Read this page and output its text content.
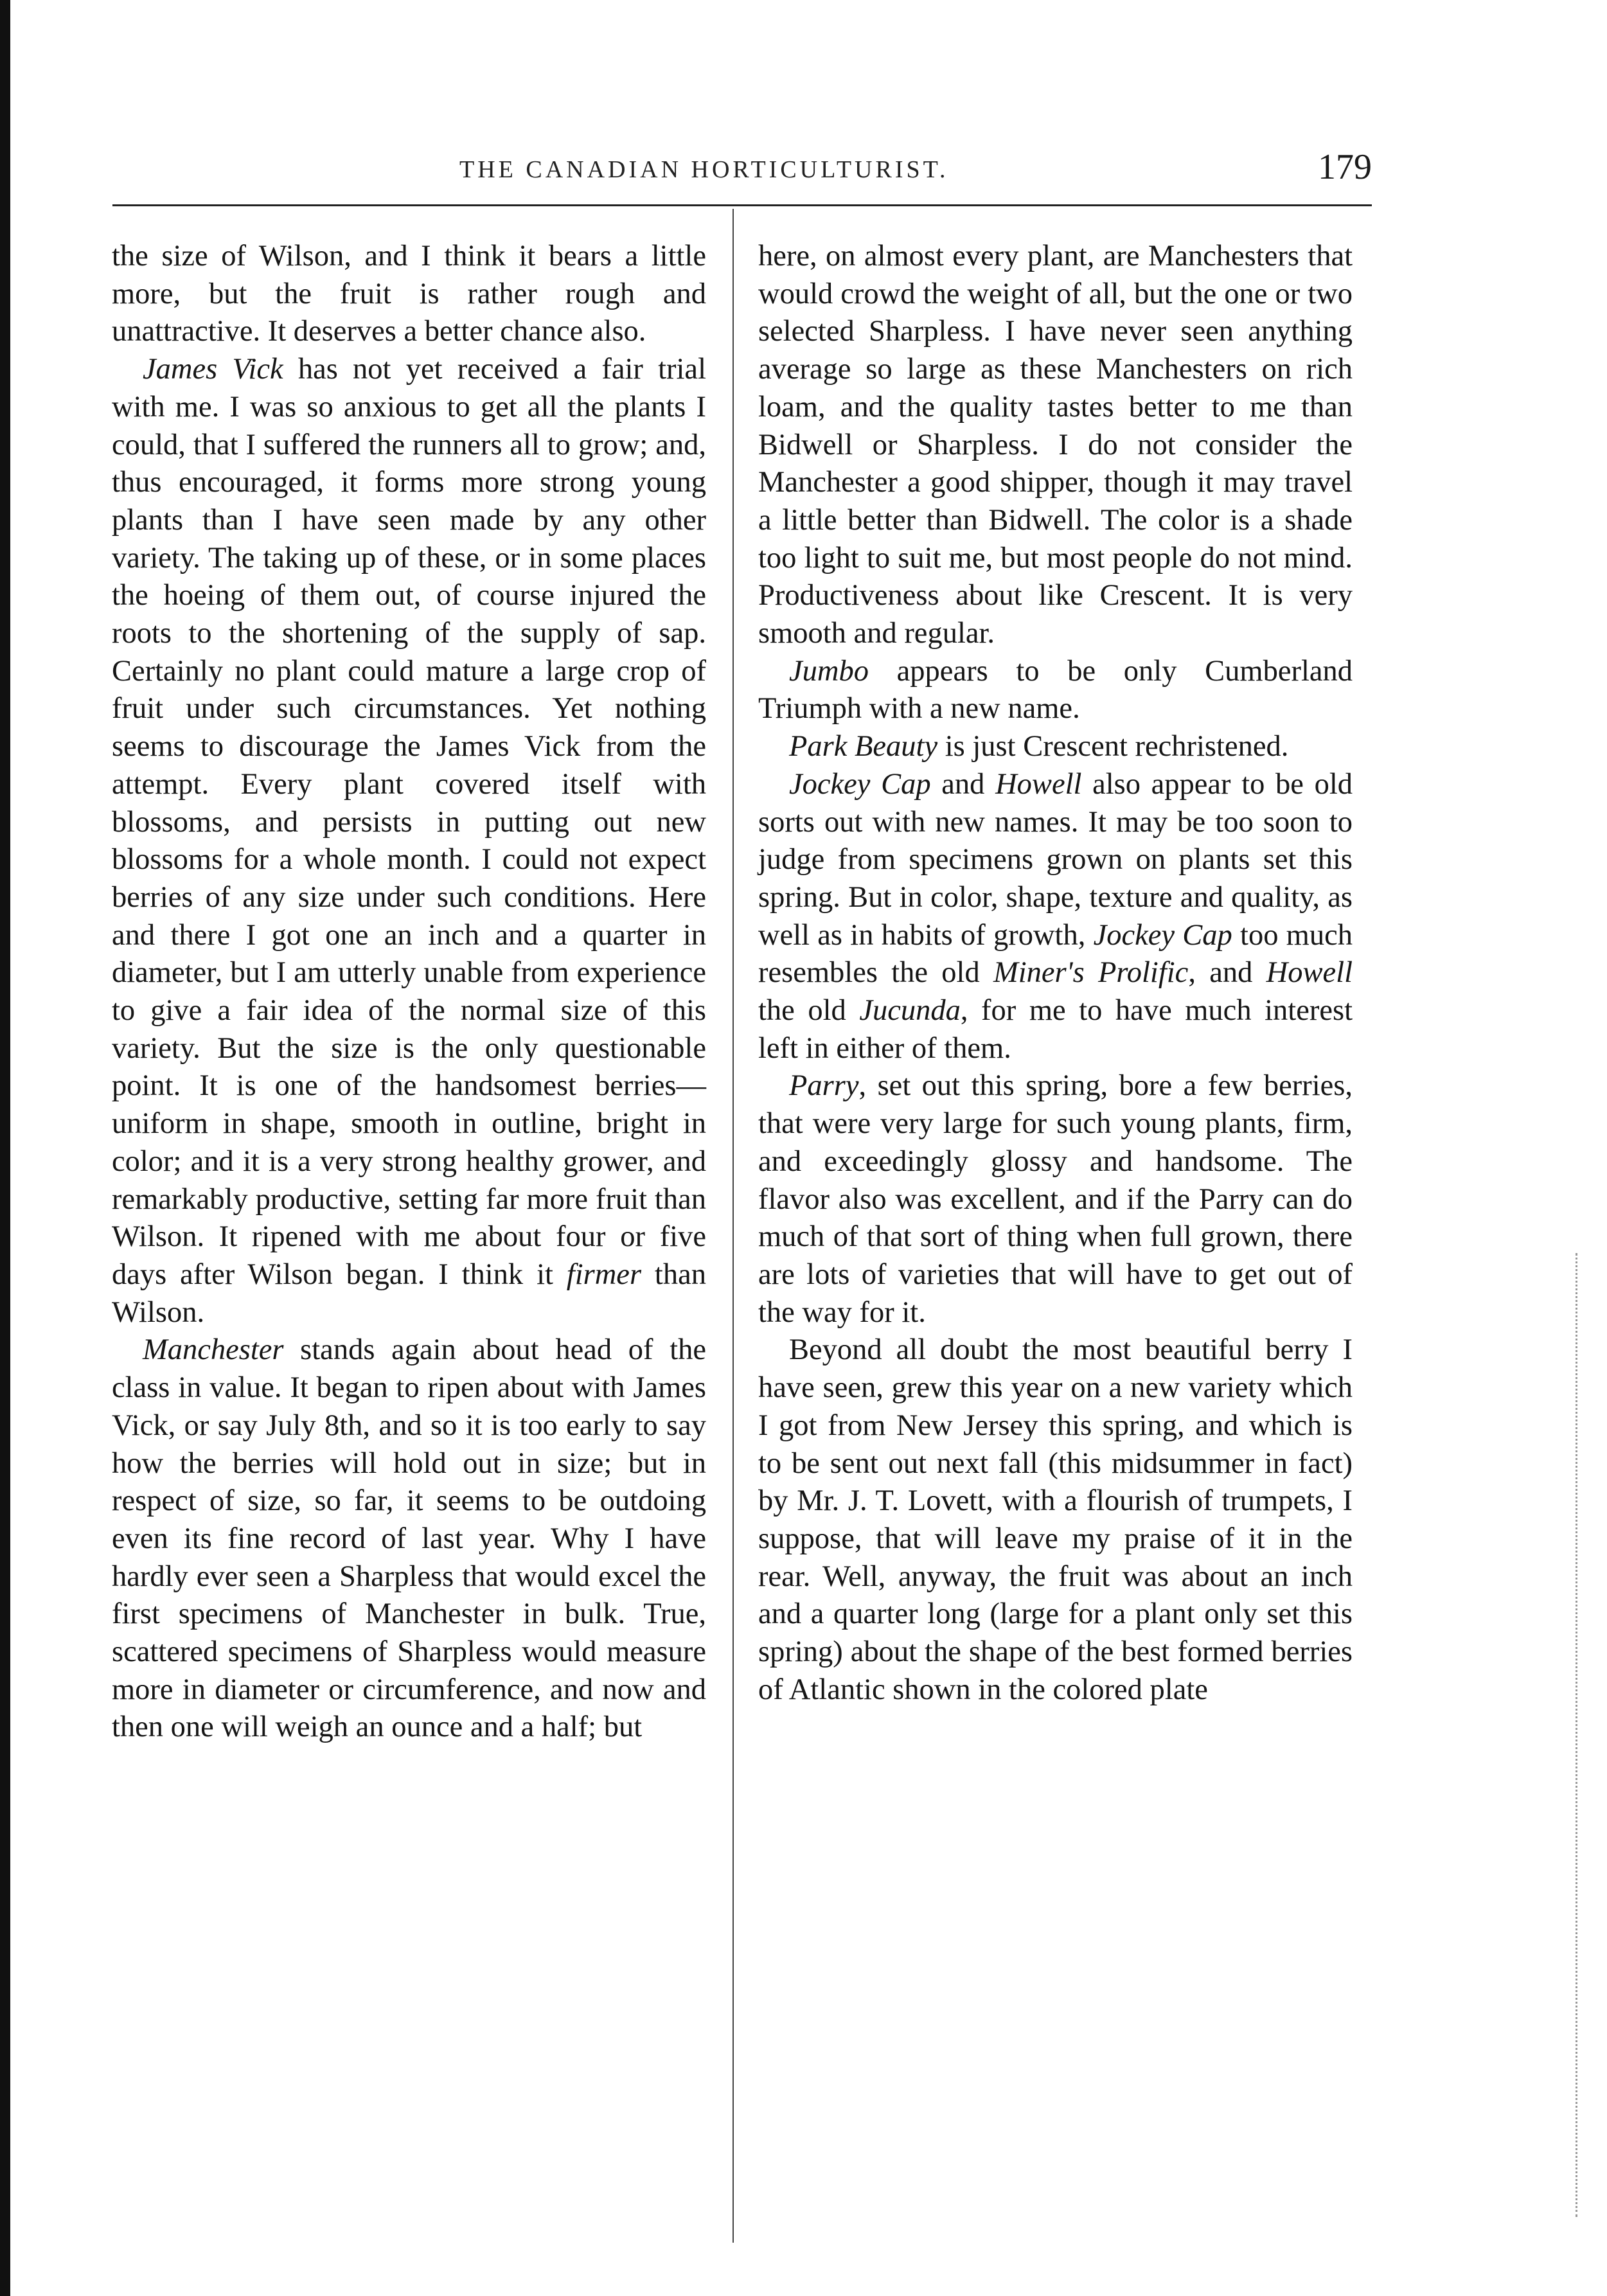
THE CANADIAN HORTICULTURIST.	179

the size of Wilson, and I think it bears a little more, but the fruit is rather rough and unattractive. It deserves a better chance also.

James Vick has not yet received a fair trial with me. I was so anxious to get all the plants I could, that I suffered the runners all to grow; and, thus encouraged, it forms more strong young plants than I have seen made by any other variety. The taking up of these, or in some places the hoeing of them out, of course injured the roots to the shortening of the supply of sap. Certainly no plant could mature a large crop of fruit under such circumstances. Yet nothing seems to discourage the James Vick from the attempt. Every plant covered itself with blossoms, and persists in putting out new blossoms for a whole month. I could not expect berries of any size under such conditions. Here and there I got one an inch and a quarter in diameter, but I am utterly unable from experience to give a fair idea of the normal size of this variety. But the size is the only questionable point. It is one of the handsomest berries—uniform in shape, smooth in outline, bright in color; and it is a very strong healthy grower, and remarkably productive, setting far more fruit than Wilson. It ripened with me about four or five days after Wilson began. I think it firmer than Wilson.

Manchester stands again about head of the class in value. It began to ripen about with James Vick, or say July 8th, and so it is too early to say how the berries will hold out in size; but in respect of size, so far, it seems to be outdoing even its fine record of last year. Why I have hardly ever seen a Sharpless that would excel the first specimens of Manchester in bulk. True, scattered specimens of Sharpless would measure more in diameter or circumference, and now and then one will weigh an ounce and a half; but

here, on almost every plant, are Manchesters that would crowd the weight of all, but the one or two selected Sharpless. I have never seen anything average so large as these Manchesters on rich loam, and the quality tastes better to me than Bidwell or Sharpless. I do not consider the Manchester a good shipper, though it may travel a little better than Bidwell. The color is a shade too light to suit me, but most people do not mind. Productiveness about like Crescent. It is very smooth and regular.

Jumbo appears to be only Cumberland Triumph with a new name.

Park Beauty is just Crescent rechristened.

Jockey Cap and Howell also appear to be old sorts out with new names. It may be too soon to judge from specimens grown on plants set this spring. But in color, shape, texture and quality, as well as in habits of growth, Jockey Cap too much resembles the old Miner's Prolific, and Howell the old Jucunda, for me to have much interest left in either of them.

Parry, set out this spring, bore a few berries, that were very large for such young plants, firm, and exceedingly glossy and handsome. The flavor also was excellent, and if the Parry can do much of that sort of thing when full grown, there are lots of varieties that will have to get out of the way for it.

Beyond all doubt the most beautiful berry I have seen, grew this year on a new variety which I got from New Jersey this spring, and which is to be sent out next fall (this midsummer in fact) by Mr. J. T. Lovett, with a flourish of trumpets, I suppose, that will leave my praise of it in the rear. Well, anyway, the fruit was about an inch and a quarter long (large for a plant only set this spring) about the shape of the best formed berries of Atlantic shown in the colored plate
